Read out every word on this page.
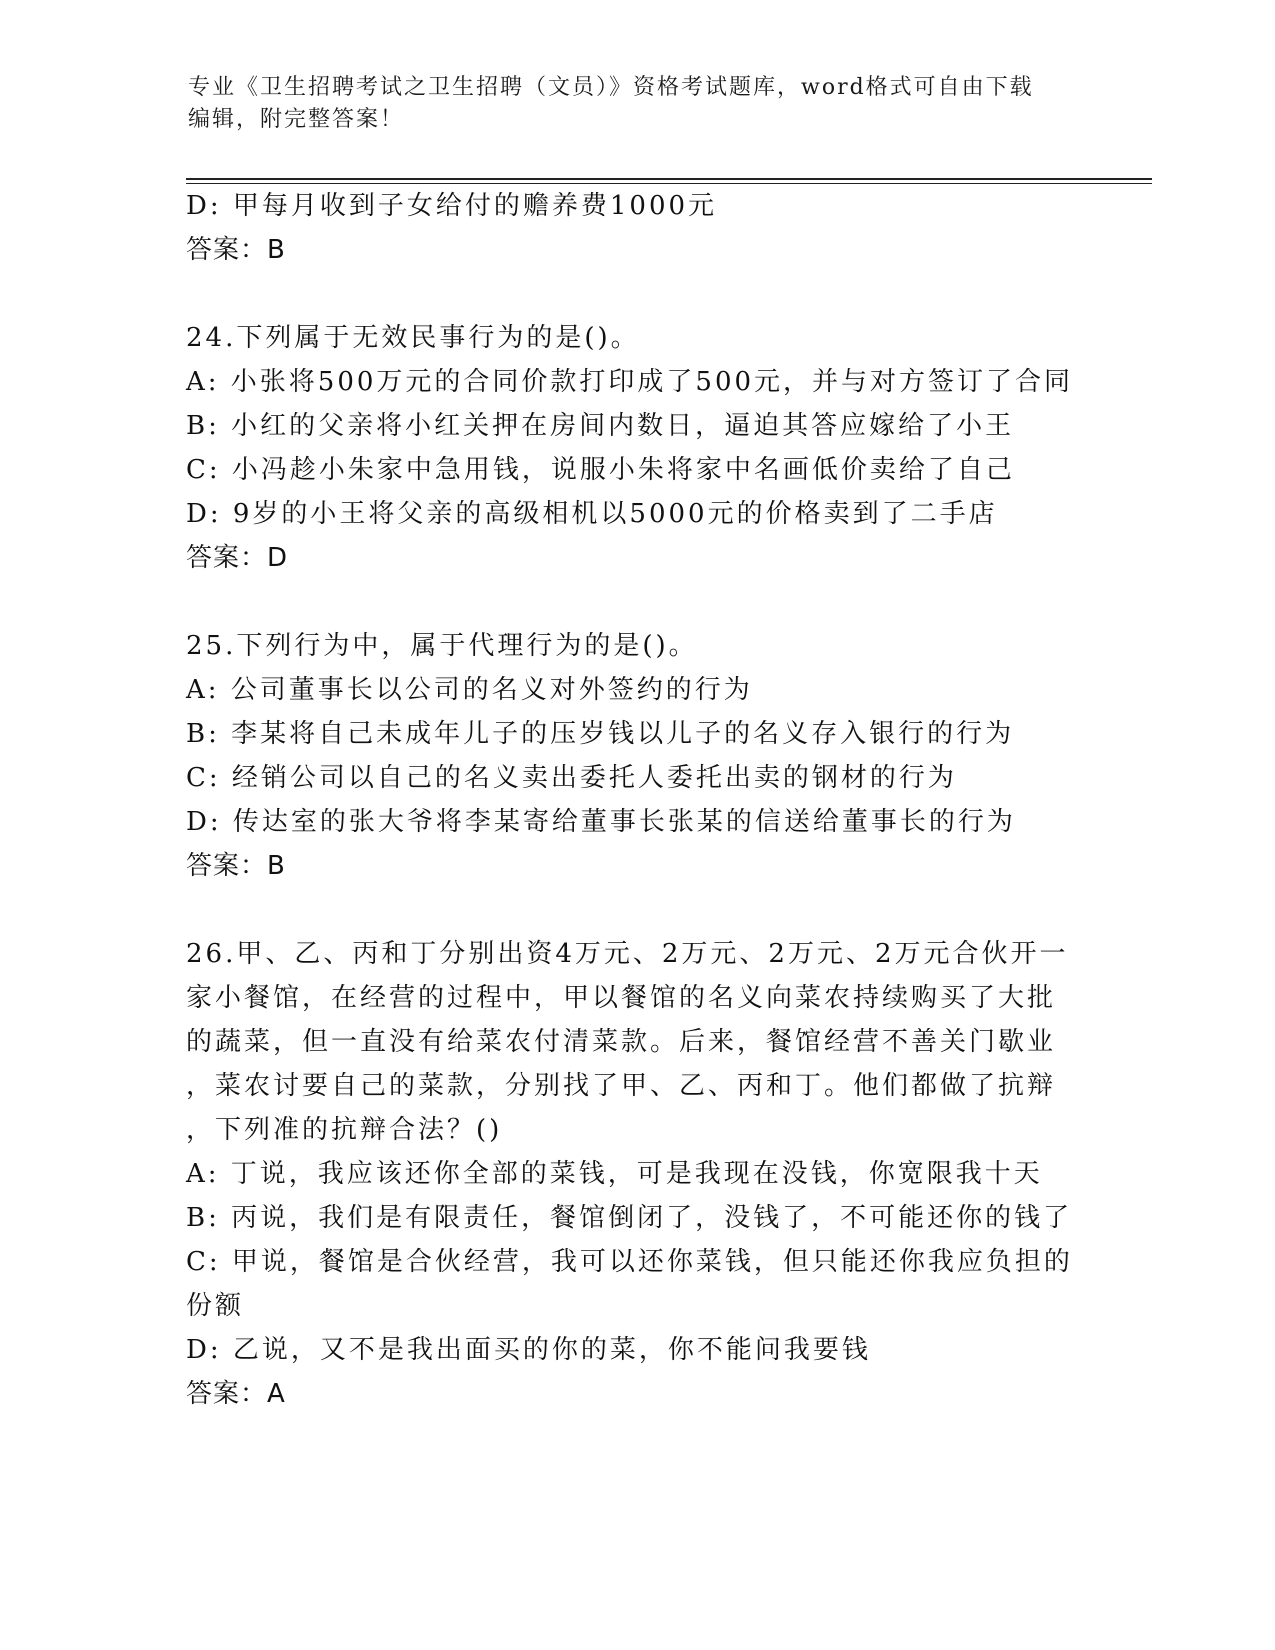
专业《卫生招聘考试之卫生招聘（文员）》资格考试题库，word格式可自由下载
编辑，附完整答案！
D: 甲每月收到子女给付的赡养费1000元
答案：B
24.下列属于无效民事行为的是()。
A: 小张将500万元的合同价款打印成了500元，并与对方签订了合同
B: 小红的父亲将小红关押在房间内数日，逼迫其答应嫁给了小王
C: 小冯趁小朱家中急用钱，说服小朱将家中名画低价卖给了自己
D: 9岁的小王将父亲的高级相机以5000元的价格卖到了二手店
答案：D
25.下列行为中，属于代理行为的是()。
A: 公司董事长以公司的名义对外签约的行为
B: 李某将自己未成年儿子的压岁钱以儿子的名义存入银行的行为
C: 经销公司以自己的名义卖出委托人委托出卖的钢材的行为
D: 传达室的张大爷将李某寄给董事长张某的信送给董事长的行为
答案：B
26.甲、乙、丙和丁分别出资4万元、2万元、2万元、2万元合伙开一
家小餐馆，在经营的过程中，甲以餐馆的名义向菜农持续购买了大批
的蔬菜，但一直没有给菜农付清菜款。后来，餐馆经营不善关门歇业
，菜农讨要自己的菜款，分别找了甲、乙、丙和丁。他们都做了抗辩
，下列准的抗辩合法？()
A: 丁说，我应该还你全部的菜钱，可是我现在没钱，你宽限我十天
B: 丙说，我们是有限责任，餐馆倒闭了，没钱了，不可能还你的钱了
C: 甲说，餐馆是合伙经营，我可以还你菜钱，但只能还你我应负担的
份额
D: 乙说，又不是我出面买的你的菜，你不能问我要钱
答案：A
